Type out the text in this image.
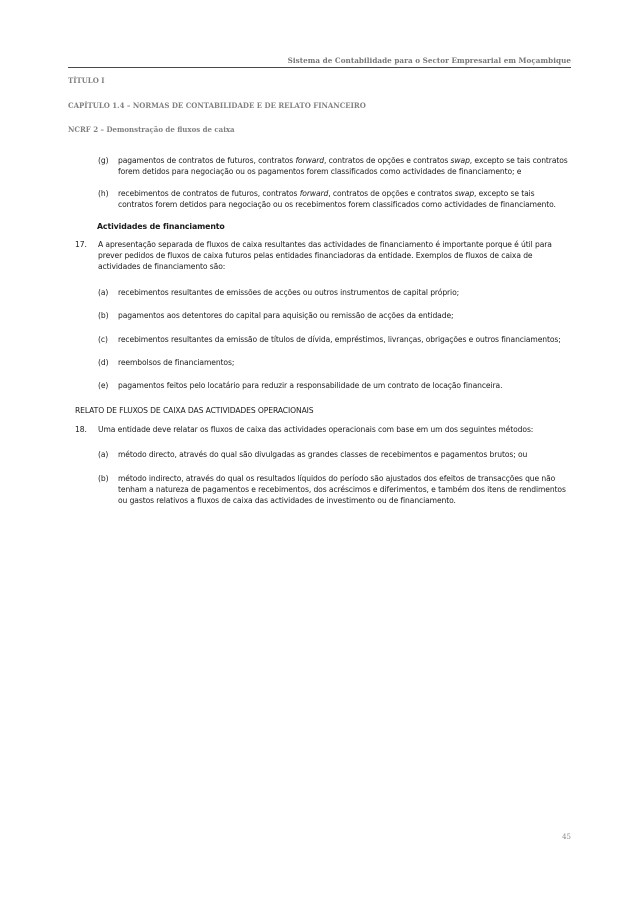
Sistema de Contabilidade para o Sector Empresarial em Moçambique
TÍTULO I
CAPÍTULO 1.4 – NORMAS DE CONTABILIDADE E DE RELATO FINANCEIRO
NCRF 2 – Demonstração de fluxos de caixa
(g)	pagamentos de contratos de futuros, contratos forward, contratos de opções e contratos swap, excepto se tais contratos forem detidos para negociação ou os pagamentos forem classificados como actividades de financiamento; e
(h)	recebimentos de contratos de futuros, contratos forward, contratos de opções e contratos swap, excepto se tais contratos forem detidos para negociação ou os recebimentos forem classificados como actividades de financiamento.
Actividades de financiamento
17.	A apresentação separada de fluxos de caixa resultantes das actividades de financiamento é importante porque é útil para prever pedidos de fluxos de caixa futuros pelas entidades financiadoras da entidade. Exemplos de fluxos de caixa de actividades de financiamento são:
(a)	recebimentos resultantes de emissões de acções ou outros instrumentos de capital próprio;
(b)	pagamentos aos detentores do capital para aquisição ou remissão de acções da entidade;
(c)	recebimentos resultantes da emissão de títulos de dívida, empréstimos, livranças, obrigações e outros financiamentos;
(d)	reembolsos de financiamentos;
(e)	pagamentos feitos pelo locatário para reduzir a responsabilidade de um contrato de locação financeira.
RELATO DE FLUXOS DE CAIXA DAS ACTIVIDADES OPERACIONAIS
18.	Uma entidade deve relatar os fluxos de caixa das actividades operacionais com base em um dos seguintes métodos:
(a)	método directo, através do qual são divulgadas as grandes classes de recebimentos e pagamentos brutos; ou
(b)	método indirecto, através do qual os resultados líquidos do período são ajustados dos efeitos de transacções que não tenham a natureza de pagamentos e recebimentos, dos acréscimos e diferimentos, e também dos itens de rendimentos ou gastos relativos a fluxos de caixa das actividades de investimento ou de financiamento.
45
